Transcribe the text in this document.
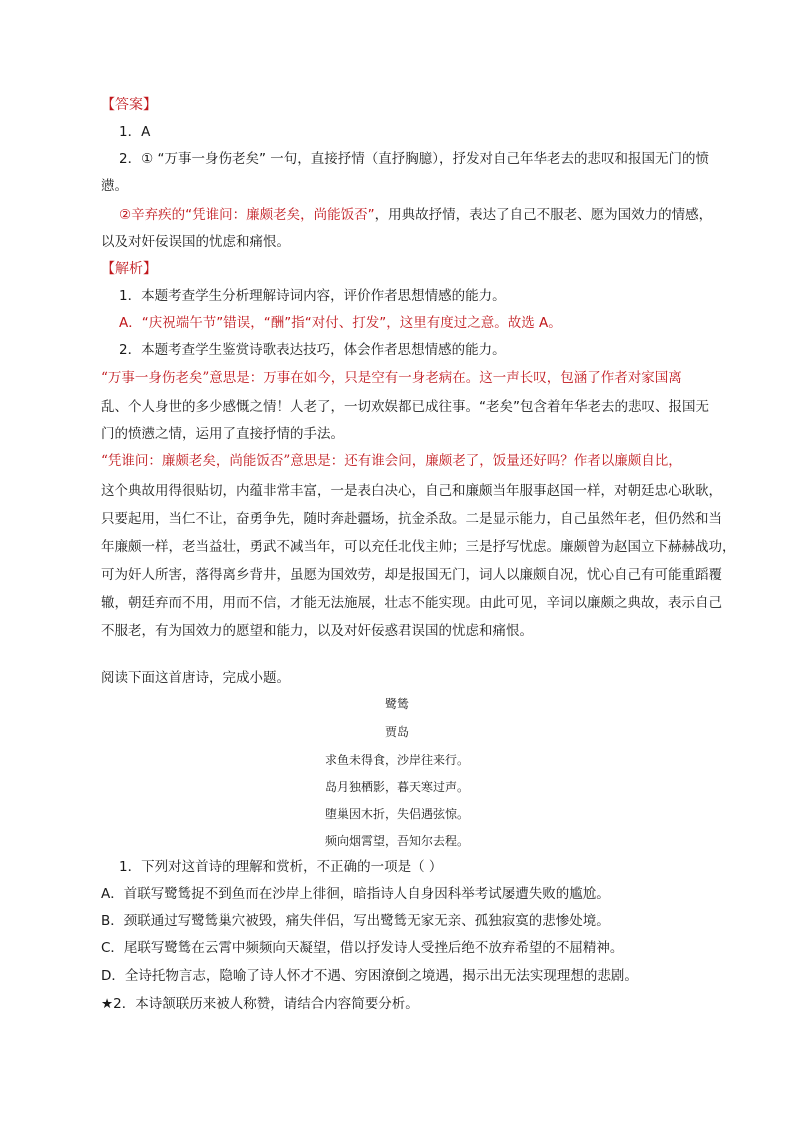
【答案】
1．A
2．① “万事一身伤老矣” 一句，直接抒情（直抒胸臆），抒发对自己年华老去的悲叹和报国无门的愤
懑。
②辛弃疾的“凭谁问：廉颇老矣，尚能饭否”，用典故抒情，表达了自己不服老、愿为国效力的情感，
以及对奸佞误国的忧虑和痛恨。
【解析】
1．本题考查学生分析理解诗词内容，评价作者思想情感的能力。
A．“庆祝端午节”错误，“酬”指“对付、打发”，这里有度过之意。故选 A。
2．本题考查学生鉴赏诗歌表达技巧，体会作者思想情感的能力。
“万事一身伤老矣”意思是：万事在如今，只是空有一身老病在。这一声长叹，包涵了作者对家国离
乱、个人身世的多少感慨之情！人老了，一切欢娱都已成往事。“老矣”包含着年华老去的悲叹、报国无
门的愤懑之情，运用了直接抒情的手法。
“凭谁问：廉颇老矣，尚能饭否”意思是：还有谁会问，廉颇老了，饭量还好吗？作者以廉颇自比，
这个典故用得很贴切，内蕴非常丰富，一是表白决心，自己和廉颇当年服事赵国一样，对朝廷忠心耿耿，
只要起用，当仁不让，奋勇争先，随时奔赴疆场，抗金杀敌。二是显示能力，自己虽然年老，但仍然和当
年廉颇一样，老当益壮，勇武不减当年，可以充任北伐主帅；三是抒写忧虑。廉颇曾为赵国立下赫赫战功，
可为奸人所害，落得离乡背井，虽愿为国效劳，却是报国无门，词人以廉颇自况，忧心自己有可能重蹈覆
辙，朝廷弃而不用，用而不信，才能无法施展，壮志不能实现。由此可见，辛词以廉颇之典故，表示自己
不服老，有为国效力的愿望和能力，以及对奸佞惑君误国的忧虑和痛恨。
阅读下面这首唐诗，完成小题。
鹭鸶
贾岛
求鱼未得食，沙岸往来行。
岛月独栖影，暮天寒过声。
堕巢因木折，失侣遇弦惊。
频向烟霄望，吾知尔去程。
1．下列对这首诗的理解和赏析，不正确的一项是（ ）
A．首联写鹭鸶捉不到鱼而在沙岸上徘徊，暗指诗人自身因科举考试屡遭失败的尴尬。
B．颈联通过写鹭鸶巢穴被毁，痛失伴侣，写出鹭鸶无家无亲、孤独寂寞的悲惨处境。
C．尾联写鹭鸶在云霄中频频向天凝望，借以抒发诗人受挫后绝不放弃希望的不屈精神。
D．全诗托物言志，隐喻了诗人怀才不遇、穷困潦倒之境遇，揭示出无法实现理想的悲剧。
★2．本诗颔联历来被人称赞，请结合内容简要分析。
